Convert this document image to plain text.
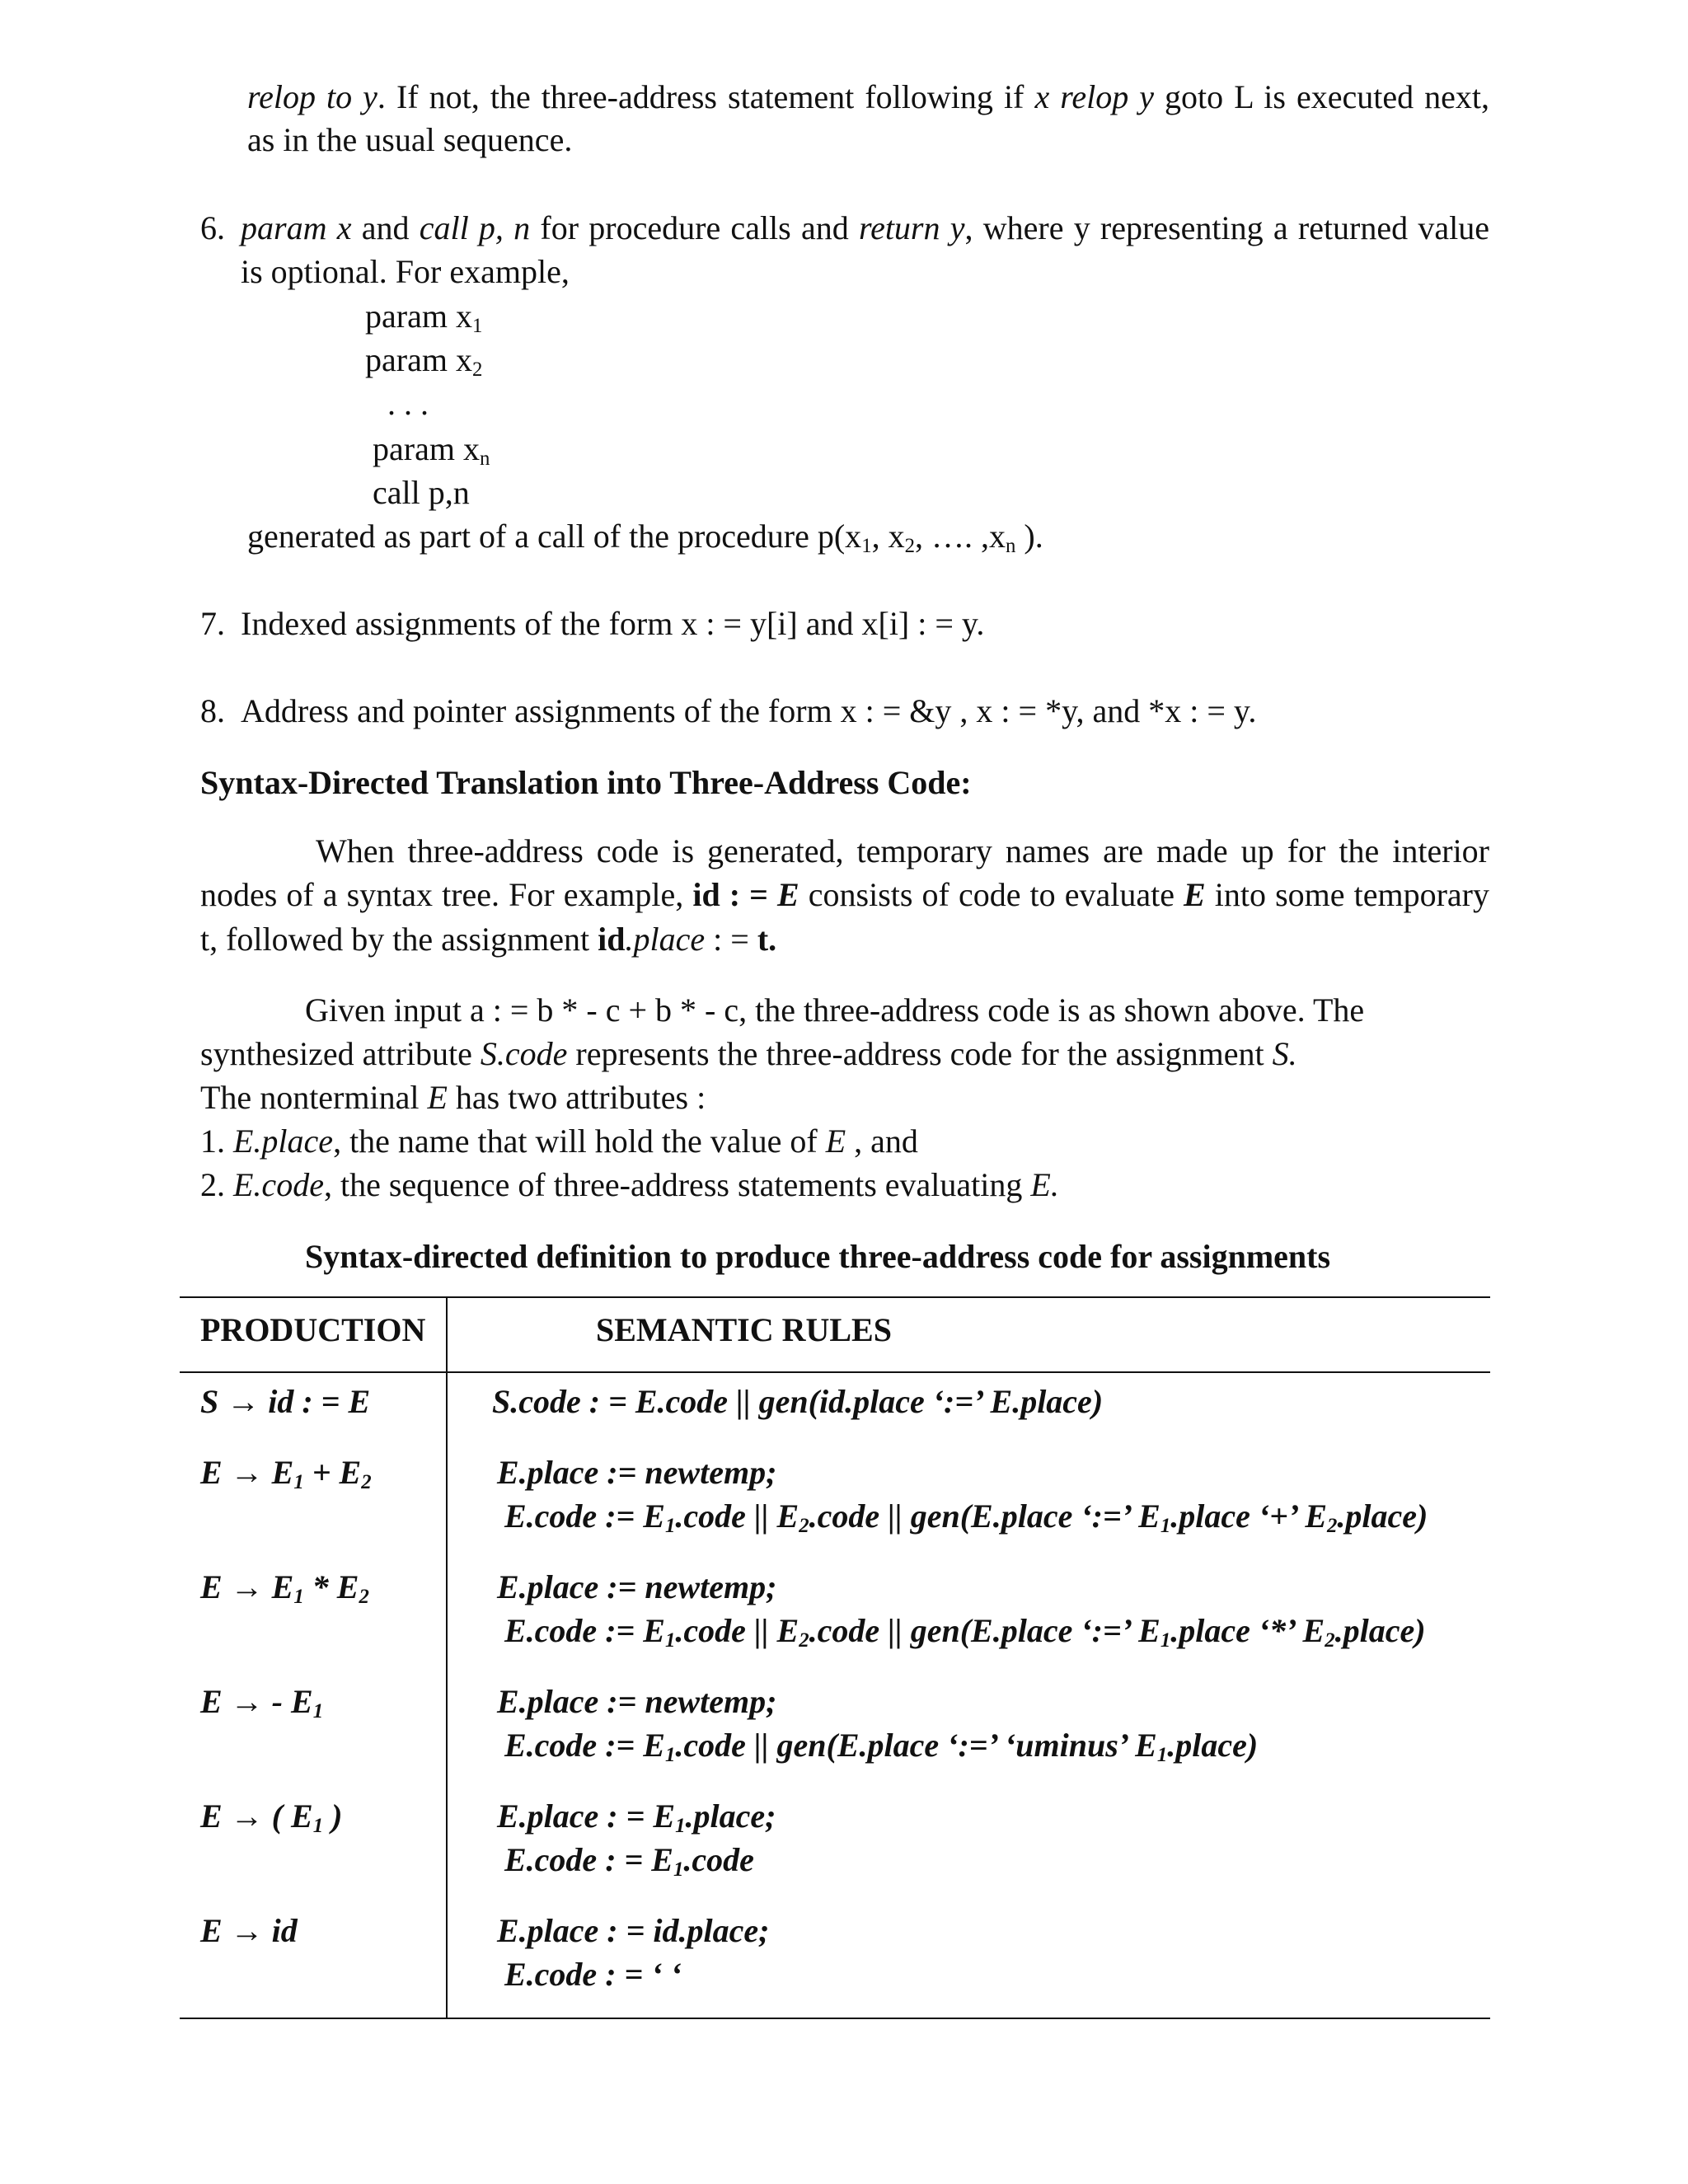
relop to y. If not, the three-address statement following if x relop y goto L is executed next,
as in the usual sequence.
6. param x and call p, n for procedure calls and return y, where y representing a returned value
is optional. For example,
param $x_1$
param $x_2$
. . .
param $x_n$
call p,n
generated as part of a call of the procedure $p(x_1$, $x_2$, …. $,x_n$ ).
7. Indexed assignments of the form x : = y[i] and x[i] : = y.
8. Address and pointer assignments of the form x : = &y , x : = *y, and *x : = y.
Syntax-Directed Translation into Three-Address Code:
When three-address code is generated, temporary names are made up for the interior
nodes of a syntax tree. For example, id : = E consists of code to evaluate E into some temporary
t, followed by the assignment id.place : = t.
Given input a : = b * - c + b * - c, the three-address code is as shown above. The
synthesized attribute S.code represents the three-address code for the assignment S.
The nonterminal E has two attributes :
1. E.place, the name that will hold the value of E , and
2. E.code, the sequence of three-address statements evaluating E.
Syntax-directed definition to produce three-address code for assignments
PRODUCTION	SEMANTIC RULES
S → id : = E	S.code : = E.code || gen(id.place ‘:=’ E.place)
$E \to E_1 + E_2$	E.place := newtemp;
E.code := $E_1.code$ || $E_2.code$ || gen(E.place ‘:=’ $E_1.place$ ‘+’ $E_2.place$)
$E \to E_1 * E_2$	E.place := newtemp;
E.code := $E_1.code$ || $E_2.code$ || gen(E.place ‘:=’ $E_1.place$ ‘*’ $E_2.place$)
E → - $E_1$	E.place := newtemp;
E.code := $E_1.code$ || gen(E.place ‘:=’ ‘uminus’ $E_1.place$)
E → ( $E_1$ )	E.place : = $E_1.place$;
E.code : = $E_1.code$
E → id	E.place : = id.place;
E.code : = ‘ ‘
